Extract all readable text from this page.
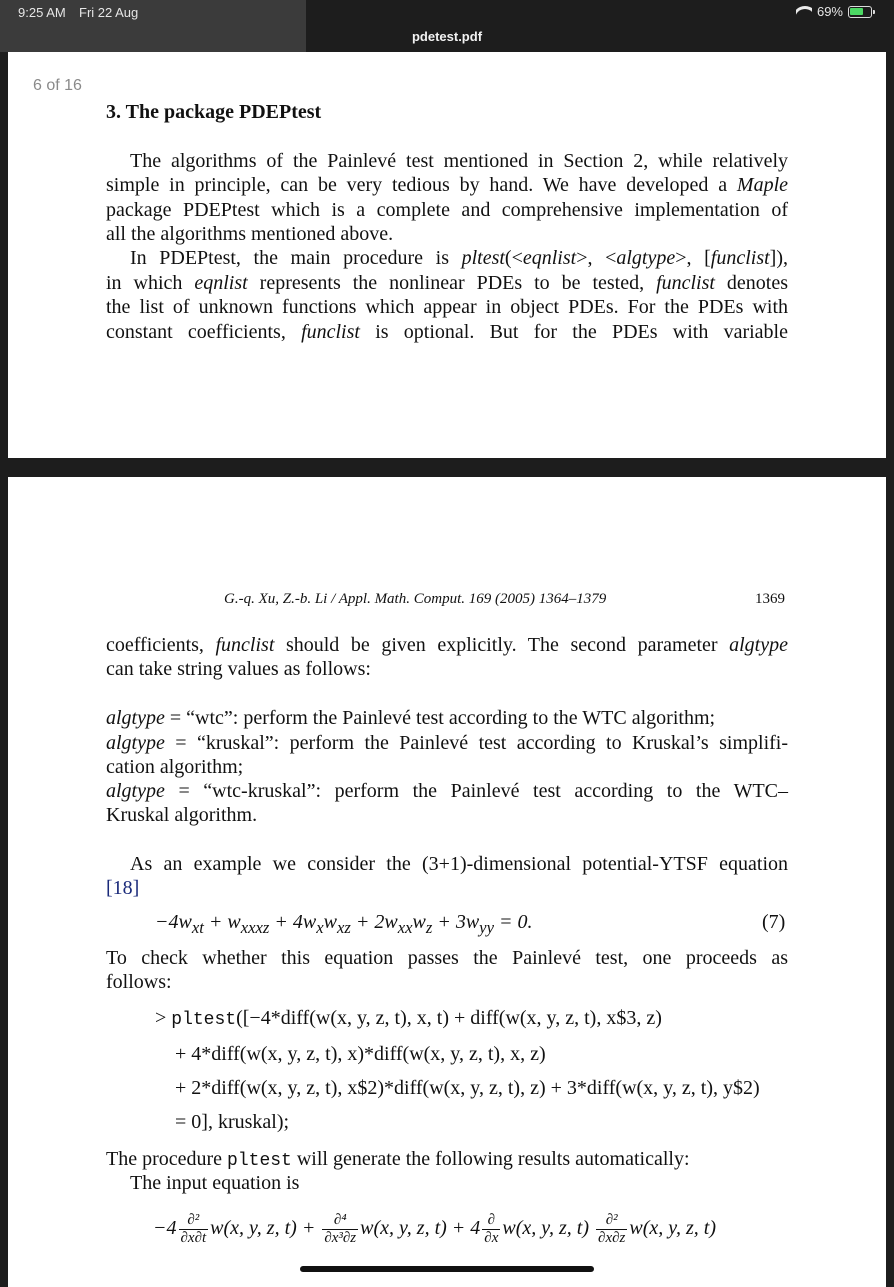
9:25 AM Fri 22 Aug	69%
pdetest.pdf
6 of 16
3. The package PDEPtest
The algorithms of the Painlevé test mentioned in Section 2, while relatively
simple in principle, can be very tedious by hand. We have developed a Maple
package PDEPtest which is a complete and comprehensive implementation of
all the algorithms mentioned above.
In PDEPtest, the main procedure is pltest(<eqnlist>, <algtype>, [funclist]),
in which eqnlist represents the nonlinear PDEs to be tested, funclist denotes
the list of unknown functions which appear in object PDEs. For the PDEs with
constant coefficients, funclist is optional. But for the PDEs with variable
G.-q. Xu, Z.-b. Li / Appl. Math. Comput. 169 (2005) 1364–1379	1369
coefficients, funclist should be given explicitly. The second parameter algtype
can take string values as follows:
algtype = “wtc”: perform the Painlevé test according to the WTC algorithm;
algtype = “kruskal”: perform the Painlevé test according to Kruskal’s simplifi-
cation algorithm;
algtype = “wtc-kruskal”: perform the Painlevé test according to the WTC–
Kruskal algorithm.
As an example we consider the (3+1)-dimensional potential-YTSF equation
[18]
$-4w_{xt} + w_{xxxz} + 4w_xw_{xz} + 2w_{xx}w_z + 3w_{yy} = 0$.	(7)
To check whether this equation passes the Painlevé test, one proceeds as
follows:
> pltest([−4*diff(w(x, y, z, t), x, t) + diff(w(x, y, z, t), x$3, z)
+ 4*diff(w(x, y, z, t), x)*diff(w(x, y, z, t), x, z)
+ 2*diff(w(x, y, z, t), x$2)*diff(w(x, y, z, t), z) + 3*diff(w(x, y, z, t), y$2)
= 0], kruskal);
The procedure pltest will generate the following results automatically:
The input equation is
$-4 \frac{\text{∂²}}{\partial x\partial t} w(x$, y, z, $t) + \frac{\text{∂⁴}}{\text{∂x³∂z}} w(x$, y, z, $t) + 4 \frac{\partial}{\partial x} w(x$, y, z, $t) \frac{\text{∂²}}{\partial x\partial z} w(x$, y, z, t)
